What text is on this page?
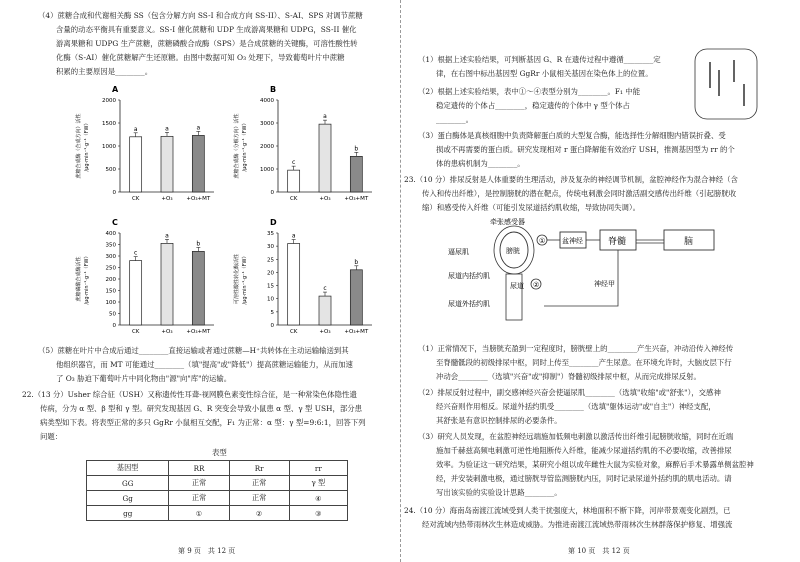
（4）蔗糖合成和代谢相关酶 SS（包含分解方向 SS-I 和合成方向 SS-II）、S-AI、SPS 对调节蔗糖
含量的动态平衡具有重要意义。SS-I 催化蔗糖和 UDP 生成游离果糖和 UDPG，SS-II 催化
游离果糖和 UDPG 生产蔗糖，蔗糖磷酸合成酶（SPS）是合成蔗糖的关键酶，可溶性酸性转
化酶（S-AI）催化蔗糖解产生还原糖。由图中数据可知 O₃ 处理下，导致葡萄叶片中蔗糖
积累的主要原因是________。
A
0
500
1000
1500
2000
蔗糖合成酶（合成方向）活性 /μg·min⁻¹·g⁻¹（FW）	a
CK
a
+O₃
a
+O₃+MT
B
0
1000
2000
3000
4000
蔗糖合成酶（分解方向）活性 /μg·min⁻¹·g⁻¹（FW）	c
CK
a
+O₃
b
+O₃+MT
C
0
50
100
150
200
250
300
350
400
蔗糖磷酸合成酶活性 /μg·min⁻¹·g⁻¹（FW）
c
CK
a
+O₃
b
+O₃+MT
D
0
5
10
15
20
25
30
35
可溶性酸性转化酶活性 /μg·min⁻¹·g⁻¹（FW）
a
CK
c
+O₃
b
+O₃+MT
（5）蔗糖在叶片中合成后通过________直接运输或者通过蔗糖—H⁺共转体在主动运输输送到其
他组织器官，而 MT 可能通过________（填"提高"或"降低"）提高蔗糖运输能力，从而加速
了 O₃ 胁迫下葡萄叶片中同化物由"源"向"库"的运输。
22.（13 分）Usher 综合征（USH）又称遗传性耳聋-视网膜色素变性综合征，是一种常染色体隐性遗
传病，分为 α 型、β 型和 γ 型。研究发现基因 G、R 突变会导致小鼠患 α 型、γ 型 USH，部分患
病类型如下表。将表型正常的多只 GgRr 小鼠相互交配，F₁ 为正常：α 型：γ 型=9:6:1，回答下列
问题：
表型
基因型	RR	Rr	rr
GG	正常	正常	γ 型
Gg	正常	正常	④
gg	①	②	③
第 9 页　共 12 页
（1）根据上述实验结果，可判断基因 G、R 在遗传过程中遵循________定
律，在右图中标出基因型 GgRr 小鼠相关基因在染色体上的位置。
（2）根据上述实验结果，表中①～④表型分别为________。F₁ 中能
稳定遗传的个体占________，稳定遗传的个体中 γ 型个体占
________。
（3）蛋白酶体是真核细胞中负责降解蛋白质的大型复合酶，能选择性分解细胞内错误折叠、受
损或不再需要的蛋白质。研究发现相对 r 蛋白降解能有效治疗 USH，推测基因型为 rr 的个
体的患病机制为________。
23.（10 分）排尿反射是人体重要的生理活动，涉及复杂的神经调节机制，盆腔神经作为混合神经（含
传入和传出纤维），是控制膀胱的潜在靶点，传统电刺激会同时激活副交感传出纤维（引起膀胱收
缩）和感受传入纤维（可能引发尿道括约肌收缩，导致协同失调）。
牵张感受器
膀胱
① 盆神经	脊髓	脑
神经甲
逼尿肌
尿道内括约肌
尿道外括约肌
尿道 ②
（1）正常情况下，当膀胱充盈到一定程度时，膀胱壁上的________产生兴奋，冲动沿传入神经传
至脊髓骶段的初级排尿中枢，同时上传至________产生尿意。在环境允许时，大脑皮层下行
冲动会________（选填"兴奋"或"抑制"）脊髓初级排尿中枢，从而完成排尿反射。
（2）排尿反射过程中，副交感神经兴奋会使逼尿肌________（选填"收缩"或"舒张"），交感神
经兴奋则作用相反。尿道外括约肌受________（选填"躯体运动"或"自主"）神经支配，
其舒张是有意识控制排尿的必要条件。
（3）研究人员发现，在盆腔神经远端施加低频电刺激以激活传出纤维引起膀胱收缩，同时在近端
施加千赫兹高频电刺激可逆性地阻断传入纤维，能减少尿道括约肌的不必要收缩，改善排尿
效率。为验证这一研究结果，某研究小组以成年雌性大鼠为实验对象，麻醉后手术暴露单侧盆腔神
经，并安装刺激电极，通过膀胱导管监测膀胱内压，同时记录尿道外括约肌的肌电活动。请
写出该实验的实验设计思路________。
24.（10 分）海南岛南渡江流域受到人类干扰强度大，林地面积不断下降，河岸带景观变化剧烈，已
经对流域内热带雨林次生林造成威胁。为推进南渡江流域热带雨林次生林群落保护修复、增强流
第 10 页　共 12 页
